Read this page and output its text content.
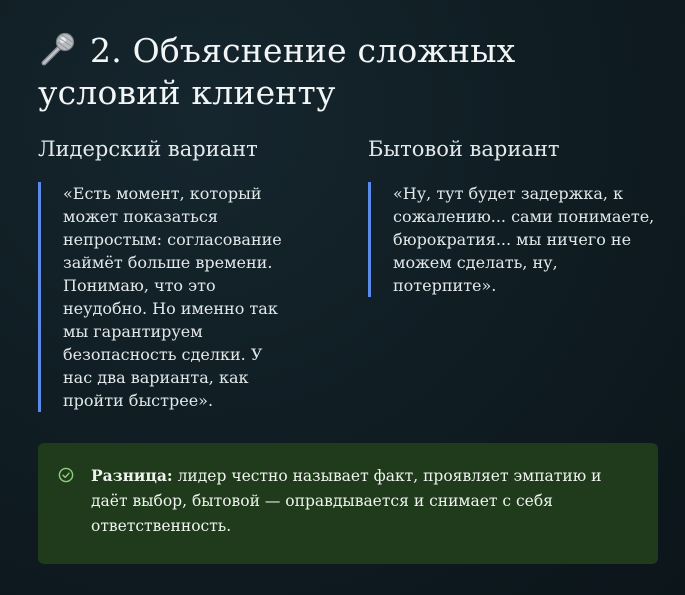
2. Объяснение сложных условий клиенту
Лидерский вариант
«Есть момент, который может показаться непростым: согласование займёт больше времени. Понимаю, что это неудобно. Но именно так мы гарантируем безопасность сделки. У нас два варианта, как пройти быстрее».
Бытовой вариант
«Ну, тут будет задержка, к сожалению... сами понимаете, бюрократия... мы ничего не можем сделать, ну, потерпите».
Разница: лидер честно называет факт, проявляет эмпатию и даёт выбор, бытовой — оправдывается и снимает с себя ответственность.
